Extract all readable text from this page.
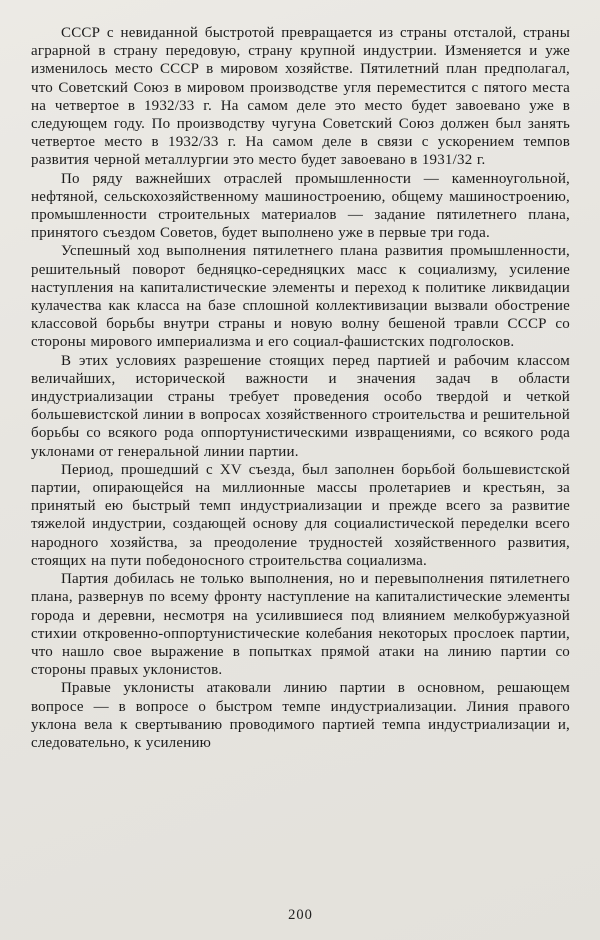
СССР с невиданной быстротой превращается из страны отсталой, страны аграрной в страну передовую, страну крупной индустрии. Изменяется и уже изменилось место СССР в мировом хозяйстве. Пятилетний план предполагал, что Советский Союз в мировом производстве угля переместится с пятого места на четвертое в 1932/33 г. На самом деле это место будет завоевано уже в следующем году. По производству чугуна Советский Союз должен был занять четвертое место в 1932/33 г. На самом деле в связи с ускорением темпов развития черной металлургии это место будет завоевано в 1931/32 г.

По ряду важнейших отраслей промышленности — каменноугольной, нефтяной, сельскохозяйственному машиностроению, общему машиностроению, промышленности строительных материалов — задание пятилетнего плана, принятого съездом Советов, будет выполнено уже в первые три года.

Успешный ход выполнения пятилетнего плана развития промышленности, решительный поворот бедняцко-середняцких масс к социализму, усиление наступления на капиталистические элементы и переход к политике ликвидации кулачества как класса на базе сплошной коллективизации вызвали обострение классовой борьбы внутри страны и новую волну бешеной травли СССР со стороны мирового империализма и его социал-фашистских подголосков.

В этих условиях разрешение стоящих перед партией и рабочим классом величайших, исторической важности и значения задач в области индустриализации страны требует проведения особо твердой и четкой большевистской линии в вопросах хозяйственного строительства и решительной борьбы со всякого рода оппортунистическими извращениями, со всякого рода уклонами от генеральной линии партии.

Период, прошедший с XV съезда, был заполнен борьбой большевистской партии, опирающейся на миллионные массы пролетариев и крестьян, за принятый ею быстрый темп индустриализации и прежде всего за развитие тяжелой индустрии, создающей основу для социалистической переделки всего народного хозяйства, за преодоление трудностей хозяйственного развития, стоящих на пути победоносного строительства социализма.

Партия добилась не только выполнения, но и перевыполнения пятилетнего плана, развернув по всему фронту наступление на капиталистические элементы города и деревни, несмотря на усилившиеся под влиянием мелкобуржуазной стихии откровенно-оппортунистические колебания некоторых прослоек партии, что нашло свое выражение в попытках прямой атаки на линию партии со стороны правых уклонистов.

Правые уклонисты атаковали линию партии в основном, решающем вопросе — в вопросе о быстром темпе индустриализации. Линия правого уклона вела к свертыванию проводимого партией темпа индустриализации и, следовательно, к усилению

200
